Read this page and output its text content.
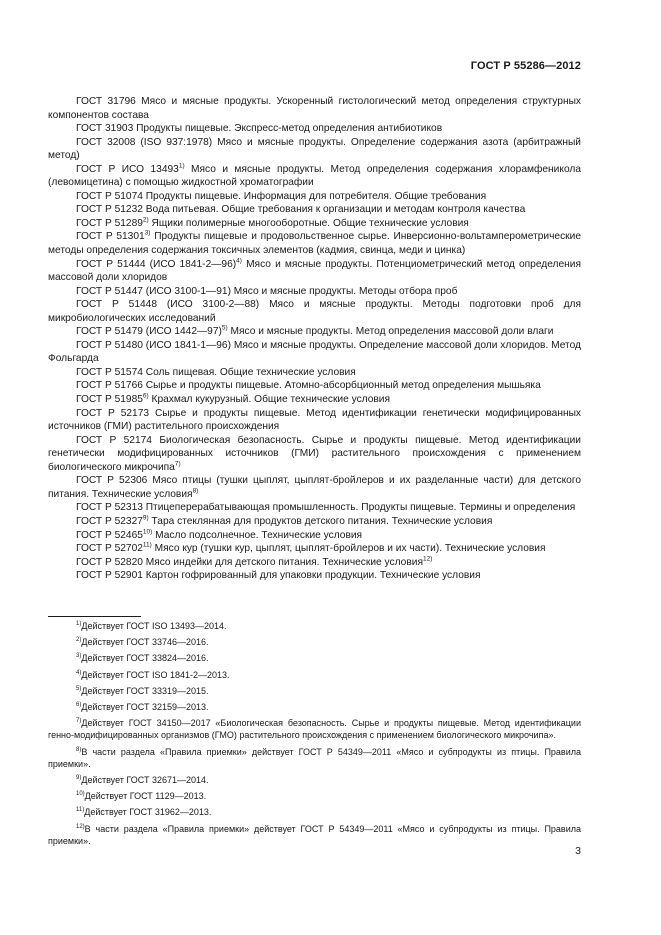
ГОСТ Р 55286—2012

ГОСТ 31796 Мясо и мясные продукты. Ускоренный гистологический метод определения структурных компонентов состава

ГОСТ 31903 Продукты пищевые. Экспресс-метод определения антибиотиков

ГОСТ 32008 (ISO 937:1978) Мясо и мясные продукты. Определение содержания азота (арбитражный метод)

ГОСТ Р ИСО 13493$^{1)}$ Мясо и мясные продукты. Метод определения содержания хлорамфеникола (левомицетина) с помощью жидкостной хроматографии

ГОСТ Р 51074 Продукты пищевые. Информация для потребителя. Общие требования

ГОСТ Р 51232 Вода питьевая. Общие требования к организации и методам контроля качества

ГОСТ Р 51289$^{2)}$ Ящики полимерные многооборотные. Общие технические условия

ГОСТ Р 51301$^{3)}$ Продукты пищевые и продовольственное сырье. Инверсионно-вольтамперометрические методы определения содержания токсичных элементов (кадмия, свинца, меди и цинка)

ГОСТ Р 51444 (ИСО 1841-2—96)$^{4)}$ Мясо и мясные продукты. Потенциометрический метод определения массовой доли хлоридов

ГОСТ Р 51447 (ИСО 3100-1—91) Мясо и мясные продукты. Методы отбора проб

ГОСТ Р 51448 (ИСО 3100-2—88) Мясо и мясные продукты. Методы подготовки проб для микробиологических исследований

ГОСТ Р 51479 (ИСО 1442—97)$^{5)}$ Мясо и мясные продукты. Метод определения массовой доли влаги

ГОСТ Р 51480 (ИСО 1841-1—96) Мясо и мясные продукты. Определение массовой доли хлоридов. Метод Фольгарда

ГОСТ Р 51574 Соль пищевая. Общие технические условия

ГОСТ Р 51766 Сырье и продукты пищевые. Атомно-абсорбционный метод определения мышьяка

ГОСТ Р 51985$^{6)}$ Крахмал кукурузный. Общие технические условия

ГОСТ Р 52173 Сырье и продукты пищевые. Метод идентификации генетически модифицированных источников (ГМИ) растительного происхождения

ГОСТ Р 52174 Биологическая безопасность. Сырье и продукты пищевые. Метод идентификации генетически модифицированных источников (ГМИ) растительного происхождения с применением биологического микрочипа$^{7)}$

ГОСТ Р 52306 Мясо птицы (тушки цыплят, цыплят-бройлеров и их разделанные части) для детского питания. Технические условия$^{8)}$

ГОСТ Р 52313 Птицеперерабатывающая промышленность. Продукты пищевые. Термины и определения

ГОСТ Р 52327$^{9)}$ Тара стеклянная для продуктов детского питания. Технические условия

ГОСТ Р 52465$^{10)}$ Масло подсолнечное. Технические условия

ГОСТ Р 52702$^{11)}$ Мясо кур (тушки кур, цыплят, цыплят-бройлеров и их части). Технические условия

ГОСТ Р 52820 Мясо индейки для детского питания. Технические условия$^{12)}$

ГОСТ Р 52901 Картон гофрированный для упаковки продукции. Технические условия

$^{1)}$Действует ГОСТ ISO 13493—2014.

$^{2)}$Действует ГОСТ 33746—2016.

$^{3)}$Действует ГОСТ 33824—2016.

$^{4)}$Действует ГОСТ ISO 1841-2—2013.

$^{5)}$Действует ГОСТ 33319—2015.

$^{6)}$Действует ГОСТ 32159—2013.

$^{7)}$Действует ГОСТ 34150—2017 «Биологическая безопасность. Сырье и продукты пищевые. Метод идентификации генно-модифицированных организмов (ГМО) растительного происхождения с применением биологического микрочипа».

$^{8)}$В части раздела «Правила приемки» действует ГОСТ Р 54349—2011 «Мясо и субпродукты из птицы. Правила приемки».

$^{9)}$Действует ГОСТ 32671—2014.

$^{10)}$Действует ГОСТ 1129—2013.

$^{11)}$Действует ГОСТ 31962—2013.

$^{12)}$В части раздела «Правила приемки» действует ГОСТ Р 54349—2011 «Мясо и субпродукты из птицы. Правила приемки».

3
